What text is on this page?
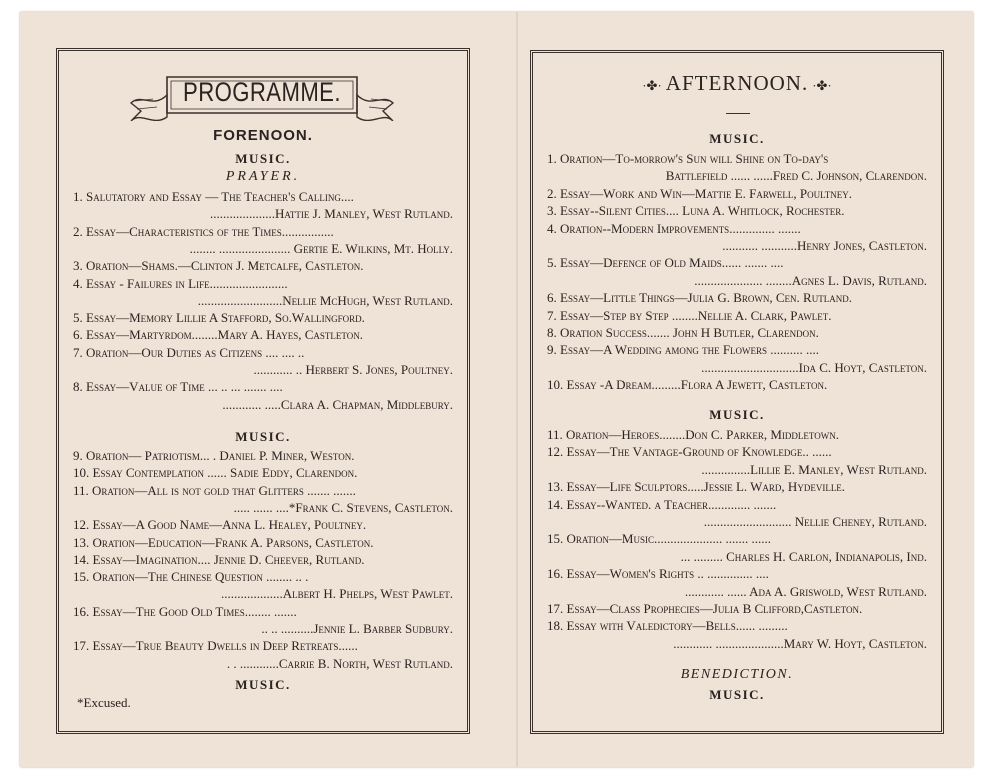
PROGRAMME.
FORENOON.
MUSIC.
PRAYER.
1. Salutatory and Essay — The Teacher's Calling....
....................Hattie J. Manley, West Rutland.
2. Essay—Characteristics of the Times................
........ ...................... Gertie E. Wilkins, Mt. Holly.
3. Oration—Shams.—Clinton J. Metcalfe, Castleton.
4. Essay - Failures in Life........................
..........................Nellie McHugh, West Rutland.
5. Essay—Memory Lillie A Stafford, So.Wallingford.
6. Essay—Martyrdom........Mary A. Hayes, Castleton.
7. Oration—Our Duties as Citizens .... .... ..
............ .. Herbert S. Jones, Poultney.
8. Essay—Value of Time ... .. ... ....... ....
............ .....Clara A. Chapman, Middlebury.
MUSIC.
9. Oration— Patriotism... . Daniel P. Miner, Weston.
10. Essay Contemplation ...... Sadie Eddy, Clarendon.
11. Oration—All is not gold that Glitters ....... .......
..... ...... ....*Frank C. Stevens, Castleton.
12. Essay—A Good Name—Anna L. Healey, Poultney.
13. Oration—Education—Frank A. Parsons, Castleton.
14. Essay—Imagination.... Jennie D. Cheever, Rutland.
15. Oration—The Chinese Question ........ .. .
...................Albert H. Phelps, West Pawlet.
16. Essay—The Good Old Times........ .......
.. .. ..........Jennie L. Barber Sudbury.
17. Essay—True Beauty Dwells in Deep Retreats......
. . ............Carrie B. North, West Rutland.
MUSIC.
*Excused.
·✤· AFTERNOON. ·✤·
MUSIC.
1. Oration—To-morrow's Sun will Shine on To-day's
Battlefield ...... ......Fred C. Johnson, Clarendon.
2. Essay—Work and Win—Mattie E. Farwell, Poultney.
3. Essay--Silent Cities.... Luna A. Whitlock, Rochester.
4. Oration--Modern Improvements.............. .......
........... ...........Henry Jones, Castleton.
5. Essay—Defence of Old Maids...... ....... ....
..................... ........Agnes L. Davis, Rutland.
6. Essay—Little Things—Julia G. Brown, Cen. Rutland.
7. Essay—Step by Step ........Nellie A. Clark, Pawlet.
8. Oration Success....... John H Butler, Clarendon.
9. Essay—A Wedding among the Flowers .......... ....
..............................Ida C. Hoyt, Castleton.
10. Essay -A Dream.........Flora A Jewett, Castleton.
MUSIC.
11. Oration—Heroes........Don C. Parker, Middletown.
12. Essay—The Vantage-Ground of Knowledge.. ......
...............Lillie E. Manley, West Rutland.
13. Essay—Life Sculptors.....Jessie L. Ward, Hydeville.
14. Essay--Wanted. a Teacher............. .......
........................... Nellie Cheney, Rutland.
15. Oration—Music..................... ....... ......
... ......... Charles H. Carlon, Indianapolis, Ind.
16. Essay—Women's Rights .. .............. ....
............ ...... Ada A. Griswold, West Rutland.
17. Essay—Class Prophecies—Julia B Clifford,Castleton.
18. Essay with Valedictory—Bells...... .........
............ .....................Mary W. Hoyt, Castleton.
BENEDICTION.
MUSIC.
